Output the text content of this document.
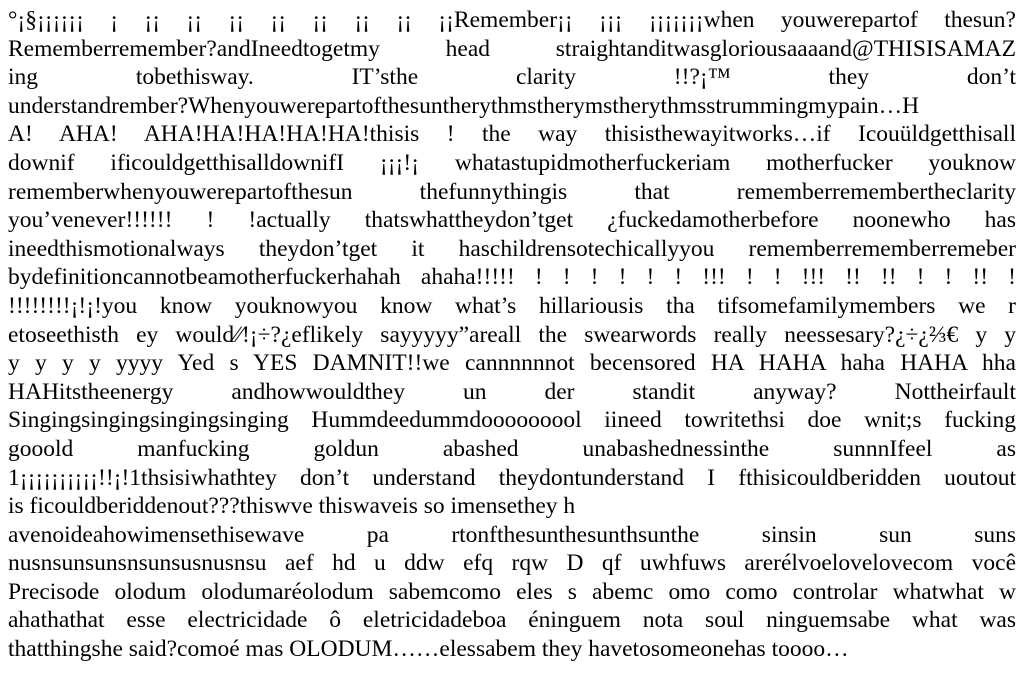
°¡§¡¡¡¡¡¡ ¡ ¡¡ ¡¡ ¡¡ ¡¡ ¡¡ ¡¡ ¡¡ ¡¡Remember¡¡ ¡¡¡ ¡¡¡¡¡¡¡when youwerepartof thesun?

Rememberremember?andIneedtogetmy head straightanditwasgloriousaaaand@THISISAMAZ

ing tobethisway. IT’sthe clarity !!?¡™ they don’t

understandrember?Whenyouwerepartofthesuntherythmstherymstherythmsstrummingmypain…H

A! AHA! AHA!HA!HA!HA!HA!thisis ! the way thisisthewayitworks…if Icouüldgetthisall

downif ificouldgetthisalldownifI ¡¡¡!¡ whatastupidmotherfuckeriam motherfucker youknow

rememberwhenyouwerepartofthesun thefunnythingis that rememberremembertheclarity

you’venever!!!!!! ! !actually thatswhattheydon’tget ¿fuckedamotherbefore noonewho has

ineedthismotionalways theydon’tget it haschildrensotechicallyyou rememberrememberremeber

bydefinitioncannotbeamotherfuckerhahah ahaha!!!!! ! ! ! ! ! ! !!! ! ! !!! !! !! ! ! !! !

!!!!!!!!¡!¡!you know youknowyou know what’s hillariousis tha tifsomefamilymembers we r

etoseethisth ey would∕∕!¡÷?¿eflikely sayyyyy”areall the swearwords really neessesary?¿÷¿⅔€ y y

y y y y yyyy Yed s YES DAMNIT!!we cannnnnnot becensored HA HAHA haha HAHA hha

HAHitstheenergy andhowwouldthey un der standit anyway? Nottheirfault

Singingsingingsingingsinging Hummdeedummdooooooool iineed towritethsi doe wnit;s fucking

gooold manfucking goldun abashed unabashednessinthe sunnnIfeel as

1¡¡¡¡¡¡¡¡¡¡!!¡!1thsisiwhathtey don’t understand theydontunderstand I fthisicouldberidden uoutout

is ficouldberiddenout???thiswve thiswaveis so imensethey h

avenoideahowimensethisewave pa rtonfthesunthesunthsunthe sinsin sun suns

nusnsunsunsnsunsusnusnsu aef hd u ddw efq rqw D qf uwhfuws arerélvoelovelovecom você

Precisode olodum olodumaréolodum sabemcomo eles s abemc omo como controlar whatwhat w

ahathathat esse electricidade ô eletricidadeboa éninguem nota soul ninguemsabe what was

thatthingshe said?comoé mas OLODUM……elessabem they havetosomeonehas toooo…
